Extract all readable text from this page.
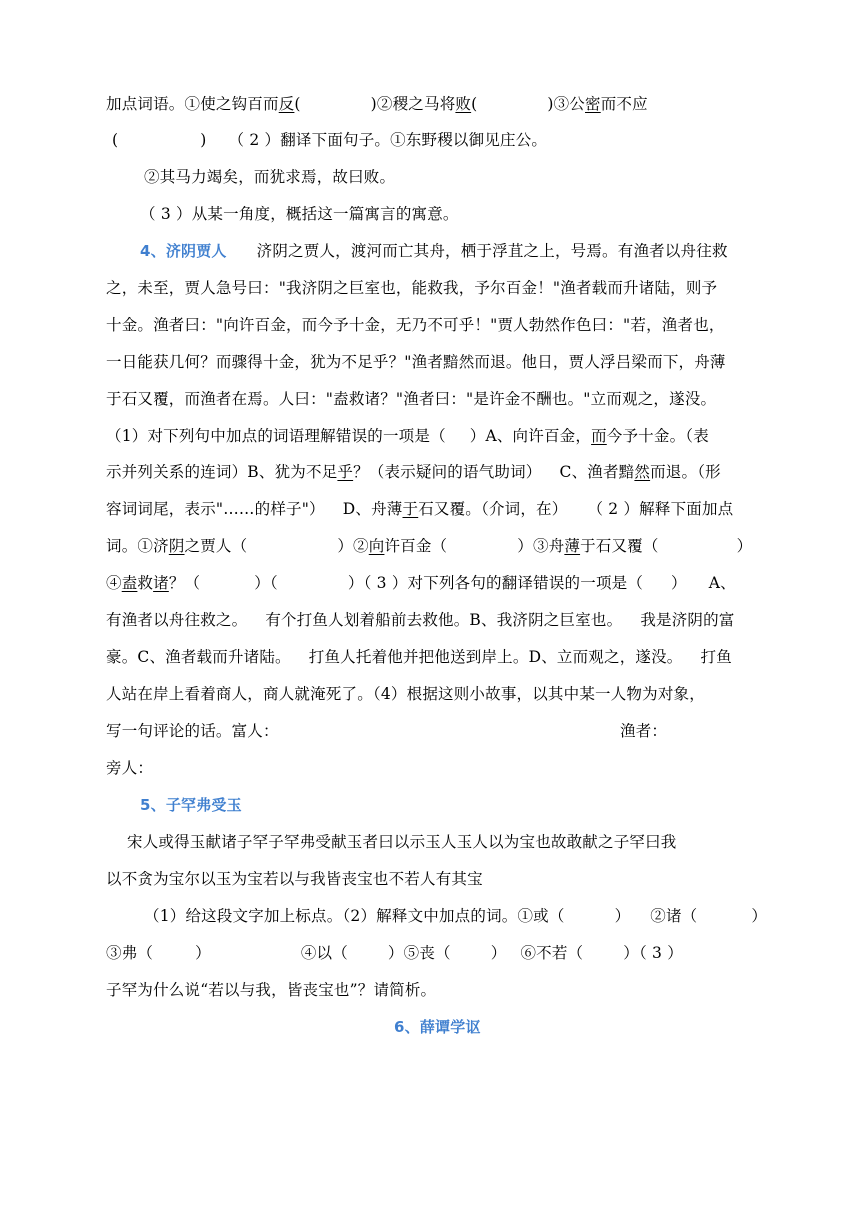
加点词语。①使之钩百而反(	)②稷之马将败(	)③公密而不应
(	) （ 2 ）翻译下面句子。①东野稷以御见庄公。
②其马力竭矣，而犹求焉，故曰败。
（ 3 ）从某一角度，概括这一篇寓言的寓意。
4、济阴贾人 济阴之贾人，渡河而亡其舟，栖于浮苴之上，号焉。有渔者以舟往救
之，未至，贾人急号曰："我济阴之巨室也，能救我，予尔百金！"渔者载而升诸陆，则予
十金。渔者曰："向许百金，而今予十金，无乃不可乎！"贾人勃然作色曰："若，渔者也，
一日能获几何？而骤得十金，犹为不足乎？"渔者黯然而退。他日，贾人浮吕梁而下，舟薄
于石又覆，而渔者在焉。人曰："盍救诸？"渔者曰："是许金不酬也。"立而观之，遂没。
（1）对下列句中加点的词语理解错误的一项是（ ）A、向许百金，而今予十金。（表
示并列关系的连词）B、犹为不足乎？（表示疑问的语气助词） C、渔者黯然而退。（形
容词词尾，表示"……的样子"） D、舟薄于石又覆。（介词，在） （ 2 ）解释下面加点
词。①济阴之贾人（	）②向许百金（	）③舟薄于石又覆（	）
④盍救诸？（	）（	）（ 3 ）对下列各句的翻译错误的一项是（ ） A、
有渔者以舟往救之。 有个打鱼人划着船前去救他。B、我济阴之巨室也。 我是济阴的富
豪。C、渔者载而升诸陆。 打鱼人托着他并把他送到岸上。D、立而观之，遂没。 打鱼
人站在岸上看着商人，商人就淹死了。（4）根据这则小故事，以其中某一人物为对象，
写一句评论的话。富人：	渔者：
旁人：
5、子罕弗受玉
宋人或得玉献诸子罕子罕弗受献玉者曰以示玉人玉人以为宝也故敢献之子罕曰我
以不贪为宝尔以玉为宝若以与我皆丧宝也不若人有其宝
（1）给这段文字加上标点。（2）解释文中加点的词。①或（	） ②诸（	）
③弗（	）	④以（	）⑤丧（	） ⑥不若（	）（ 3 ）
子罕为什么说“若以与我，皆丧宝也”？请简析。
6、薛谭学讴
